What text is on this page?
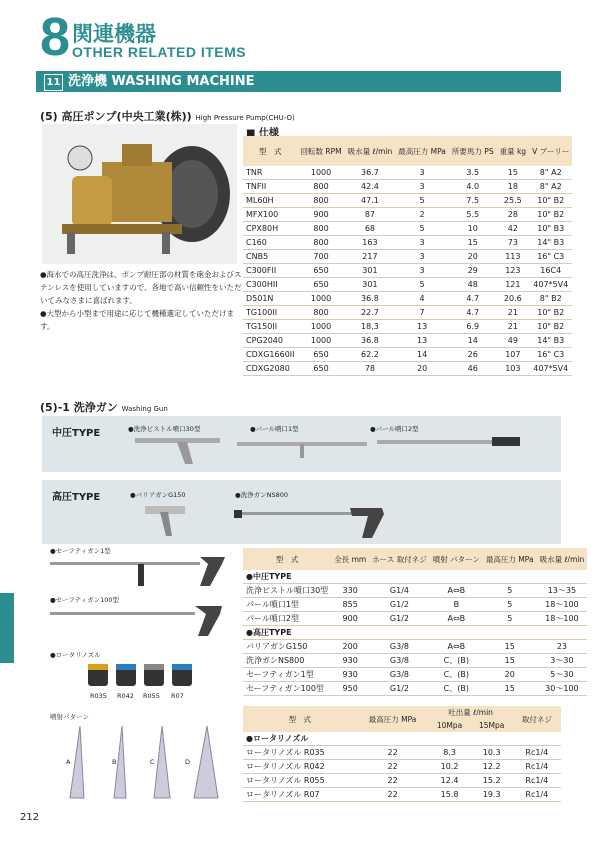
8 関連機器
OTHER RELATED ITEMS
11 洗浄機 WASHING MACHINE
(5) 高圧ポンプ(中央工業(株)) High Pressure Pump(CHU-O)
■ 仕様
●海水での高圧洗浄は、ポンプ耐圧部の材質を砲金およびステンレスを使用していますので、各地で高い信頼性をいただいてみなさまに喜ばれます。
●大型から小型まで用途に応じて機種選定していただけます。
型　式	回転数 RPM	吸水量 ℓ/min	最高圧力 MPa	所要馬力 PS	重量 kg	V プーリー
TNR	1000	36.7	3	3.5	15	8" A2
TNFII	800	42.4	3	4.0	18	8" A2
ML60H	800	47.1	5	7.5	25.5	10" B2
MFX100	900	87	2	5.5	28	10" B2
CPX80H	800	68	5	10	42	10" B3
C160	800	163	3	15	73	14" B3
CNB5	700	217	3	20	113	16" C3
C300FII	650	301	3	29	123	16C4
C300HII	650	301	5	48	121	407*5V4
D501N	1000	36.8	4	4.7	20.6	8" B2
TG100II	800	22.7	7	4.7	21	10" B2
TG150II	1000	18.3	13	6.9	21	10" B2
CPG2040	1000	36.8	13	14	49	14" B3
CDXG1660II	650	62.2	14	26	107	16" C3
CDXG2080	650	78	20	46	103	407*5V4
(5)-1 洗浄ガン Washing Gun
中圧TYPE	●洗浄ピストル噴口30型	●パール噴口1型	●パール噴口2型
高圧TYPE	●バリアガンG150	●洗浄ガンNS800
●セーフティガン1型
●セーフティガン100型
●ロータリノズル
R035 R042 R055 R07
噴射パターン
A	B	C	D
型　式	全長 mm	ホース 取付ネジ	噴射 パターン	最高圧力 MPa	吸水量 ℓ/min
●中圧TYPE					
洗浄ピストル噴口30型	330	G1/4	A⇔B	5	13〜35
パール噴口1型	855	G1/2	B	5	18〜100
パール噴口2型	900	G1/2	A⇔B	5	18〜100
●高圧TYPE					
バリアガンG150	200	G3/8	A⇔B	15	23
洗浄ガンNS800	930	G3/8	C、(B)	15	3〜30
セーフティガン1型	930	G3/8	C、(B)	20	5〜30
セーフティガン100型	950	G1/2	C、(B)	15	30〜100
型　式	最高圧力 MPa	吐出量 ℓ/min		取付ネジ
		10Mpa	15Mpa	
●ロータリノズル				
ロータリノズル R035	22	8.3	10.3	Rc1/4
ロータリノズル R042	22	10.2	12.2	Rc1/4
ロータリノズル R055	22	12.4	15.2	Rc1/4
ロータリノズル R07	22	15.8	19.3	Rc1/4
212
